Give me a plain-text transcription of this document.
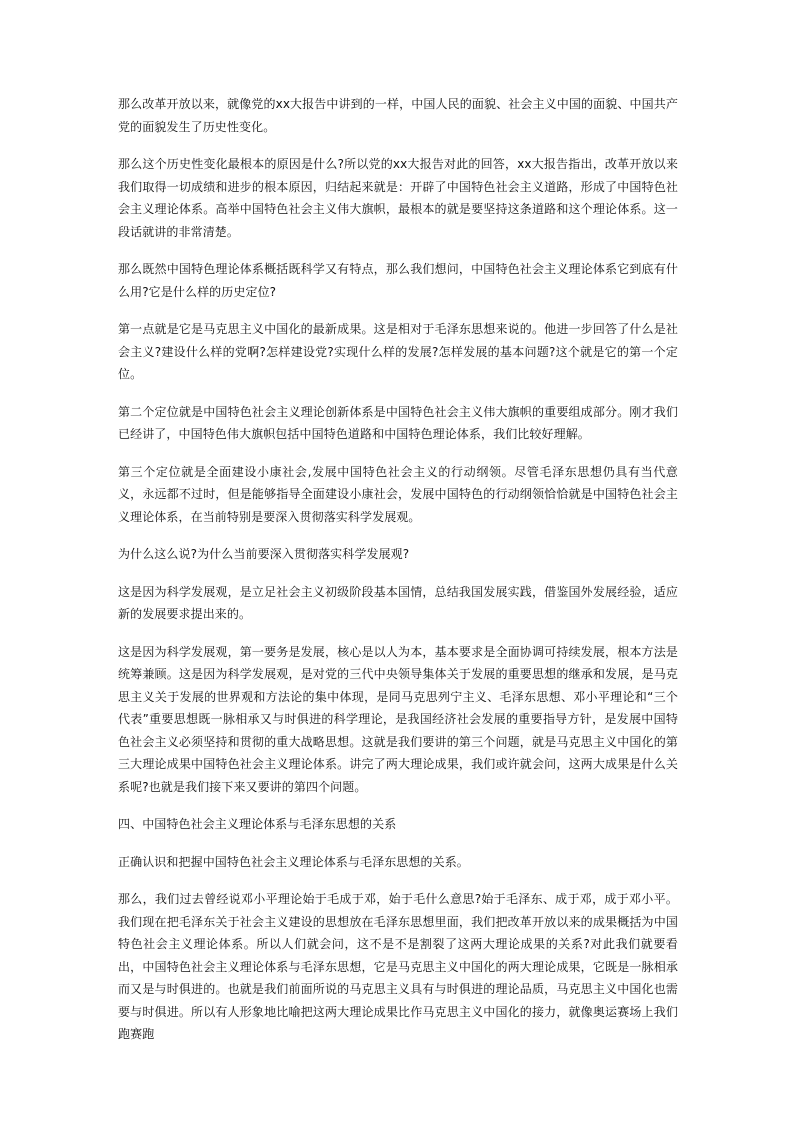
那么改革开放以来，就像党的xx大报告中讲到的一样，中国人民的面貌、社会主义中国的面貌、中国共产党的面貌发生了历史性变化。

那么这个历史性变化最根本的原因是什么?所以党的xx大报告对此的回答，xx大报告指出，改革开放以来我们取得一切成绩和进步的根本原因，归结起来就是：开辟了中国特色社会主义道路，形成了中国特色社会主义理论体系。高举中国特色社会主义伟大旗帜，最根本的就是要坚持这条道路和这个理论体系。这一段话就讲的非常清楚。

那么既然中国特色理论体系概括既科学又有特点，那么我们想问，中国特色社会主义理论体系它到底有什么用?它是什么样的历史定位?

第一点就是它是马克思主义中国化的最新成果。这是相对于毛泽东思想来说的。他进一步回答了什么是社会主义?建设什么样的党啊?怎样建设党?实现什么样的发展?怎样发展的基本问题?这个就是它的第一个定位。

第二个定位就是中国特色社会主义理论创新体系是中国特色社会主义伟大旗帜的重要组成部分。刚才我们已经讲了，中国特色伟大旗帜包括中国特色道路和中国特色理论体系，我们比较好理解。

第三个定位就是全面建设小康社会,发展中国特色社会主义的行动纲领。尽管毛泽东思想仍具有当代意义，永远都不过时，但是能够指导全面建设小康社会，发展中国特色的行动纲领恰恰就是中国特色社会主义理论体系，在当前特别是要深入贯彻落实科学发展观。

为什么这么说?为什么当前要深入贯彻落实科学发展观?

这是因为科学发展观，是立足社会主义初级阶段基本国情，总结我国发展实践，借鉴国外发展经验，适应新的发展要求提出来的。

这是因为科学发展观，第一要务是发展，核心是以人为本，基本要求是全面协调可持续发展，根本方法是统筹兼顾。这是因为科学发展观，是对党的三代中央领导集体关于发展的重要思想的继承和发展，是马克思主义关于发展的世界观和方法论的集中体现，是同马克思列宁主义、毛泽东思想、邓小平理论和“三个代表”重要思想既一脉相承又与时俱进的科学理论，是我国经济社会发展的重要指导方针，是发展中国特色社会主义必须坚持和贯彻的重大战略思想。这就是我们要讲的第三个问题，就是马克思主义中国化的第三大理论成果中国特色社会主义理论体系。讲完了两大理论成果，我们或许就会问，这两大成果是什么关系呢?也就是我们接下来又要讲的第四个问题。

四、中国特色社会主义理论体系与毛泽东思想的关系

正确认识和把握中国特色社会主义理论体系与毛泽东思想的关系。

那么，我们过去曾经说邓小平理论始于毛成于邓，始于毛什么意思?始于毛泽东、成于邓，成于邓小平。我们现在把毛泽东关于社会主义建设的思想放在毛泽东思想里面，我们把改革开放以来的成果概括为中国特色社会主义理论体系。所以人们就会问，这不是不是割裂了这两大理论成果的关系?对此我们就要看出，中国特色社会主义理论体系与毛泽东思想，它是马克思主义中国化的两大理论成果，它既是一脉相承而又是与时俱进的。也就是我们前面所说的马克思主义具有与时俱进的理论品质，马克思主义中国化也需要与时俱进。所以有人形象地比喻把这两大理论成果比作马克思主义中国化的接力，就像奥运赛场上我们跑赛跑
